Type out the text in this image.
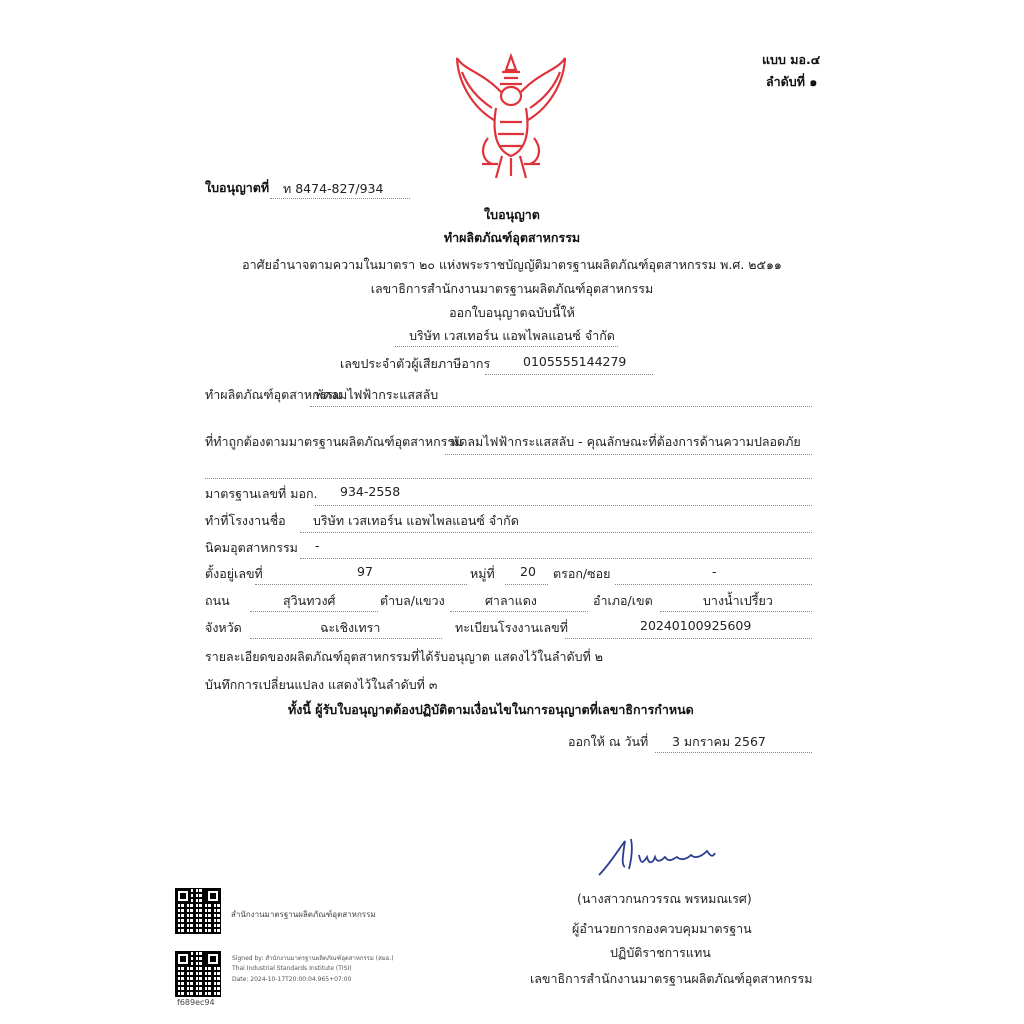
แบบ มอ.๔
ลำดับที่ ๑
ใบอนุญาตที่ ท 8474-827/934
ใบอนุญาต
ทำผลิตภัณฑ์อุตสาหกรรม
อาศัยอำนาจตามความในมาตรา ๒๐ แห่งพระราชบัญญัติมาตรฐานผลิตภัณฑ์อุตสาหกรรม พ.ศ. ๒๕๑๑
เลขาธิการสำนักงานมาตรฐานผลิตภัณฑ์อุตสาหกรรม
ออกใบอนุญาตฉบับนี้ให้
บริษัท เวสเทอร์น แอพไพลแอนซ์ จำกัด
เลขประจำตัวผู้เสียภาษีอากร	0105555144279
ทำผลิตภัณฑ์อุตสาหกรรม
พัดลมไฟฟ้ากระแสสลับ
ที่ทำถูกต้องตามมาตรฐานผลิตภัณฑ์อุตสาหกรรม
พัดลมไฟฟ้ากระแสสลับ - คุณลักษณะที่ต้องการด้านความปลอดภัย
มาตรฐานเลขที่ มอก. 934-2558
ทำที่โรงงานชื่อ บริษัท เวสเทอร์น แอพไพลแอนซ์ จำกัด
นิคมอุตสาหกรรม -
ตั้งอยู่เลขที่	97	หมู่ที่ 20 ตรอก/ซอย	-
ถนน	สุวินทวงศ์	ตำบล/แขวง	ศาลาแดง	อำเภอ/เขต	บางน้ำเปรี้ยว
จังหวัด	ฉะเชิงเทรา	ทะเบียนโรงงานเลขที่	20240100925609
รายละเอียดของผลิตภัณฑ์อุตสาหกรรมที่ได้รับอนุญาต แสดงไว้ในลำดับที่ ๒
บันทึกการเปลี่ยนแปลง แสดงไว้ในลำดับที่ ๓
ทั้งนี้ ผู้รับใบอนุญาตต้องปฏิบัติตามเงื่อนไขในการอนุญาตที่เลขาธิการกำหนด
ออกให้ ณ วันที่ 3 มกราคม 2567
(นางสาวกนกวรรณ พรหมณเรศ)
ผู้อำนวยการกองควบคุมมาตรฐาน
ปฏิบัติราชการแทน
เลขาธิการสำนักงานมาตรฐานผลิตภัณฑ์อุตสาหกรรม
สำนักงานมาตรฐานผลิตภัณฑ์อุตสาหกรรม
Signed by: สำนักงานมาตรฐานผลิตภัณฑ์อุตสาหกรรม (สมอ.)
Thai Industrial Standards Institute (TISI)
Date: 2024-10-17T20:00:04.965+07:00
f689ec94
